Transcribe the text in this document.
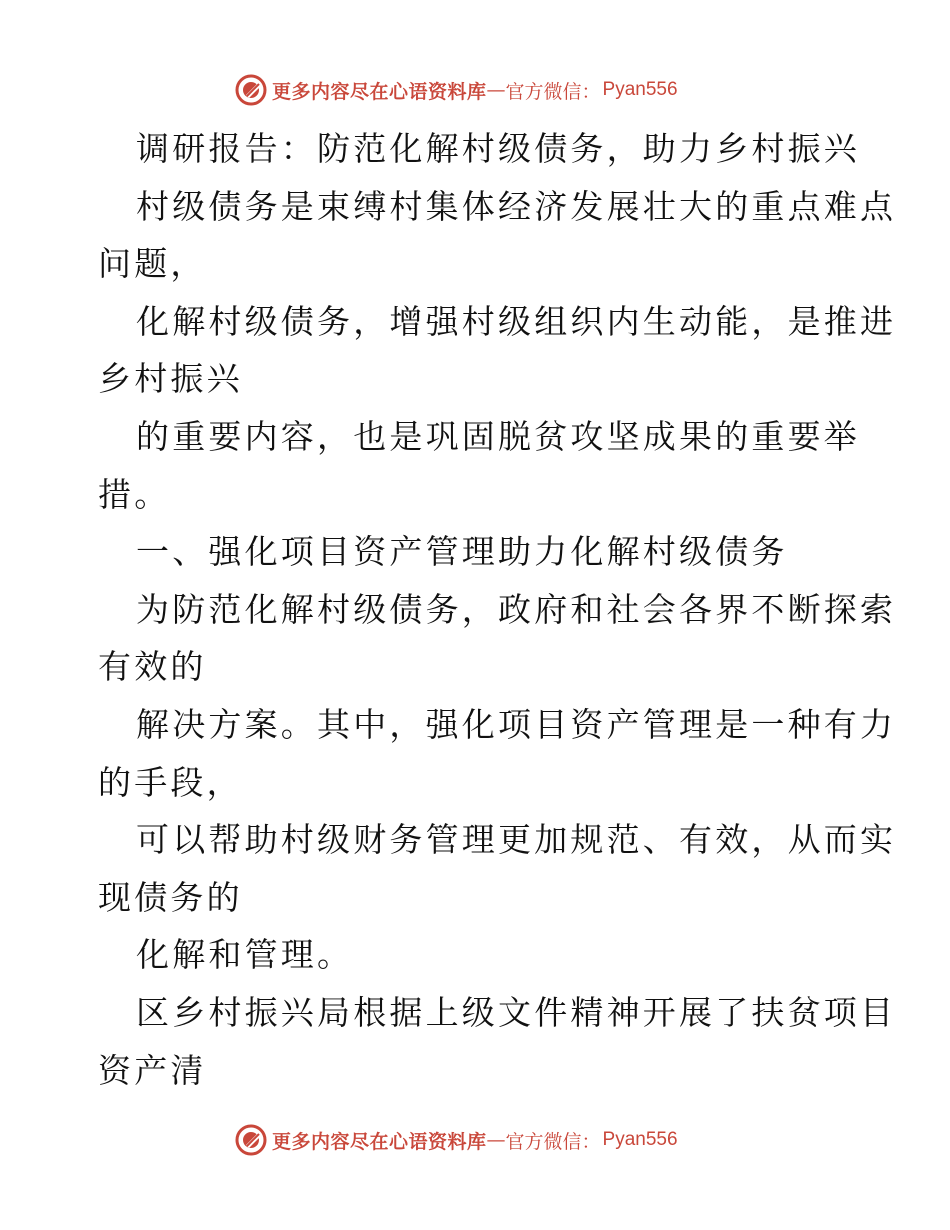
更多内容尽在心语资料库 — 官方微信： Pyan556
调研报告：防范化解村级债务，助力乡村振兴
村级债务是束缚村集体经济发展壮大的重点难点
问题，
化解村级债务，增强村级组织内生动能，是推进
乡村振兴
的重要内容，也是巩固脱贫攻坚成果的重要举
措。
一、强化项目资产管理助力化解村级债务
为防范化解村级债务，政府和社会各界不断探索
有效的
解决方案。其中，强化项目资产管理是一种有力
的手段，
可以帮助村级财务管理更加规范、有效，从而实
现债务的
化解和管理。
区乡村振兴局根据上级文件精神开展了扶贫项目
资产清
更多内容尽在心语资料库 — 官方微信： Pyan556
